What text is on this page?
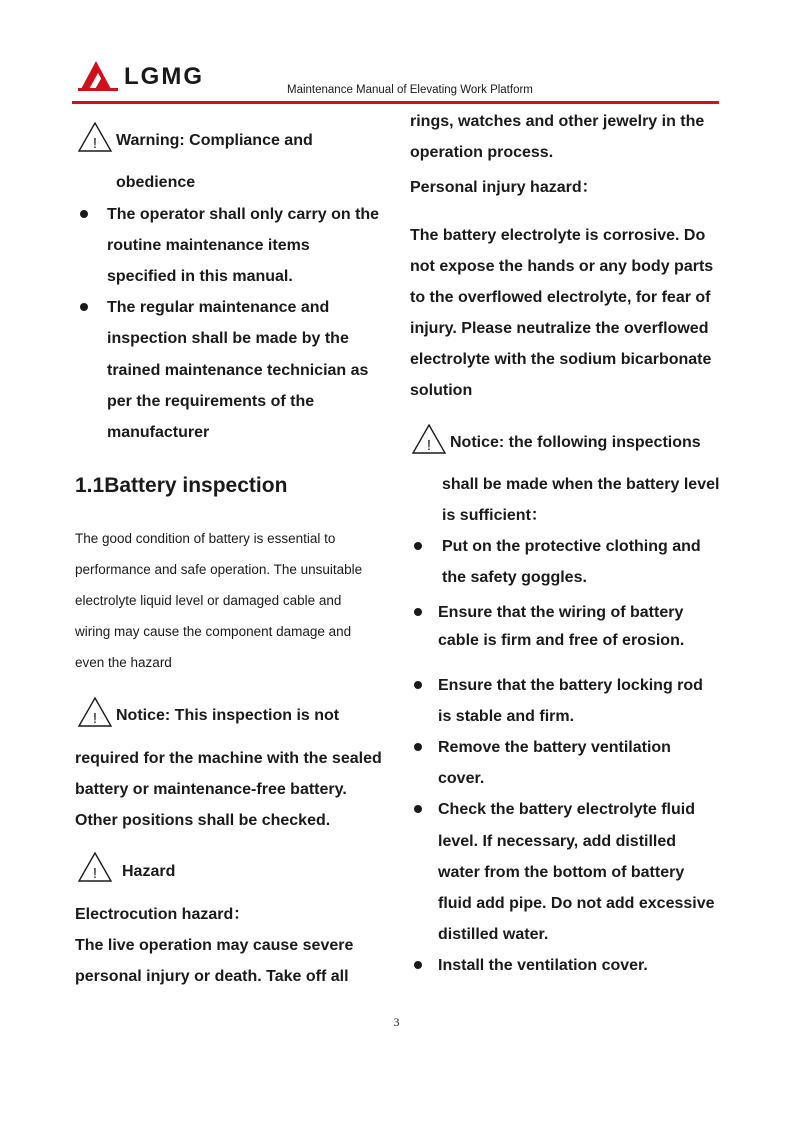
LGMG	Maintenance Manual of Elevating Work Platform
! Warning: Compliance and
obedience
The operator shall only carry on the
routine maintenance items
specified in this manual.
The regular maintenance and
inspection shall be made by the
trained maintenance technician as
per the requirements of the
manufacturer
1.1Battery inspection
The good condition of battery is essential to
performance and safe operation. The unsuitable
electrolyte liquid level or damaged cable and
wiring may cause the component damage and
even the hazard
! Notice: This inspection is not
required for the machine with the sealed
battery or maintenance-free battery.
Other positions shall be checked.
! Hazard
Electrocution hazard：
The live operation may cause severe
personal injury or death. Take off all
rings, watches and other jewelry in the
operation process.
Personal injury hazard：
The battery electrolyte is corrosive. Do
not expose the hands or any body parts
to the overflowed electrolyte, for fear of
injury. Please neutralize the overflowed
electrolyte with the sodium bicarbonate
solution
! Notice: the following inspections
shall be made when the battery level
is sufficient：
Put on the protective clothing and
the safety goggles.
Ensure that the wiring of battery
cable is firm and free of erosion.
Ensure that the battery locking rod
is stable and firm.
Remove the battery ventilation
cover.
Check the battery electrolyte fluid
level. If necessary, add distilled
water from the bottom of battery
fluid add pipe. Do not add excessive
distilled water.
Install the ventilation cover.
3
